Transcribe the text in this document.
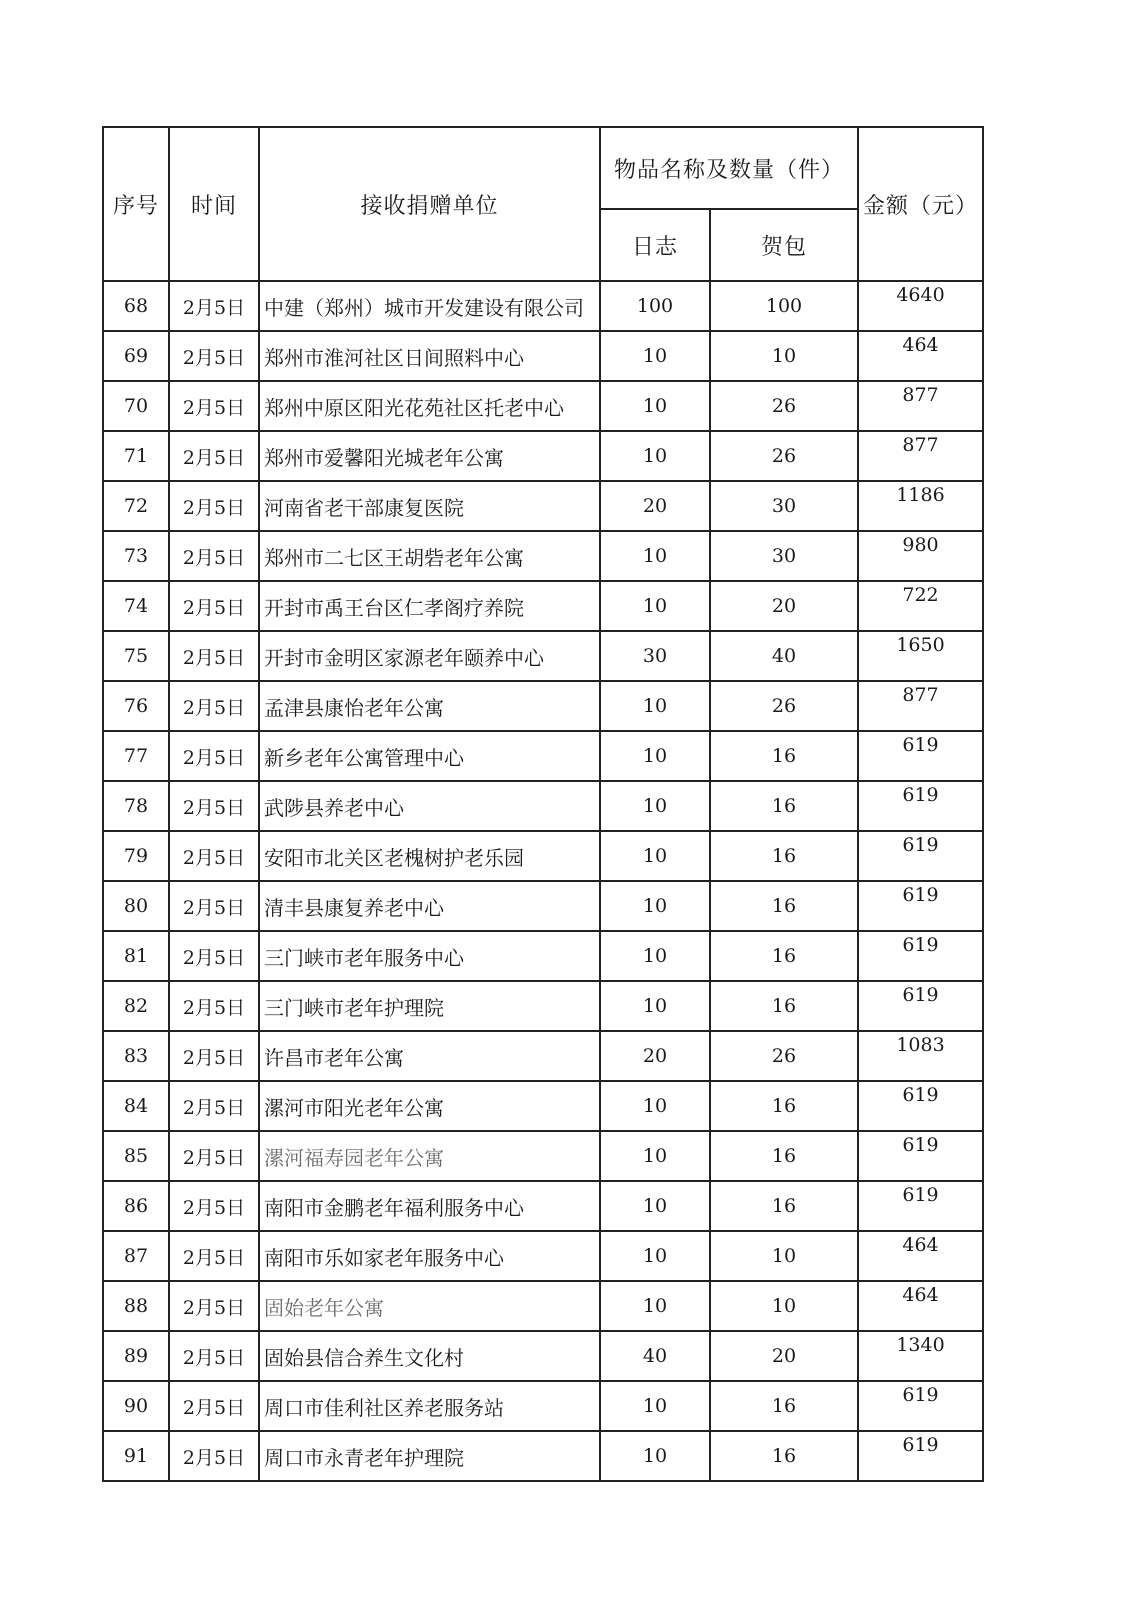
序号	时间	接收捐赠单位	物品名称及数量（件）		金额（元）
			日志	贺包	
68	2月5日	中建（郑州）城市开发建设有限公司	100	100	4640
69	2月5日	郑州市淮河社区日间照料中心	10	10	464
70	2月5日	郑州中原区阳光花苑社区托老中心	10	26	877
71	2月5日	郑州市爱馨阳光城老年公寓	10	26	877
72	2月5日	河南省老干部康复医院	20	30	1186
73	2月5日	郑州市二七区王胡砦老年公寓	10	30	980
74	2月5日	开封市禹王台区仁孝阁疗养院	10	20	722
75	2月5日	开封市金明区家源老年颐养中心	30	40	1650
76	2月5日	孟津县康怡老年公寓	10	26	877
77	2月5日	新乡老年公寓管理中心	10	16	619
78	2月5日	武陟县养老中心	10	16	619
79	2月5日	安阳市北关区老槐树护老乐园	10	16	619
80	2月5日	清丰县康复养老中心	10	16	619
81	2月5日	三门峡市老年服务中心	10	16	619
82	2月5日	三门峡市老年护理院	10	16	619
83	2月5日	许昌市老年公寓	20	26	1083
84	2月5日	漯河市阳光老年公寓	10	16	619
85	2月5日	漯河福寿园老年公寓	10	16	619
86	2月5日	南阳市金鹏老年福利服务中心	10	16	619
87	2月5日	南阳市乐如家老年服务中心	10	10	464
88	2月5日	固始老年公寓	10	10	464
89	2月5日	固始县信合养生文化村	40	20	1340
90	2月5日	周口市佳利社区养老服务站	10	16	619
91	2月5日	周口市永青老年护理院	10	16	619
